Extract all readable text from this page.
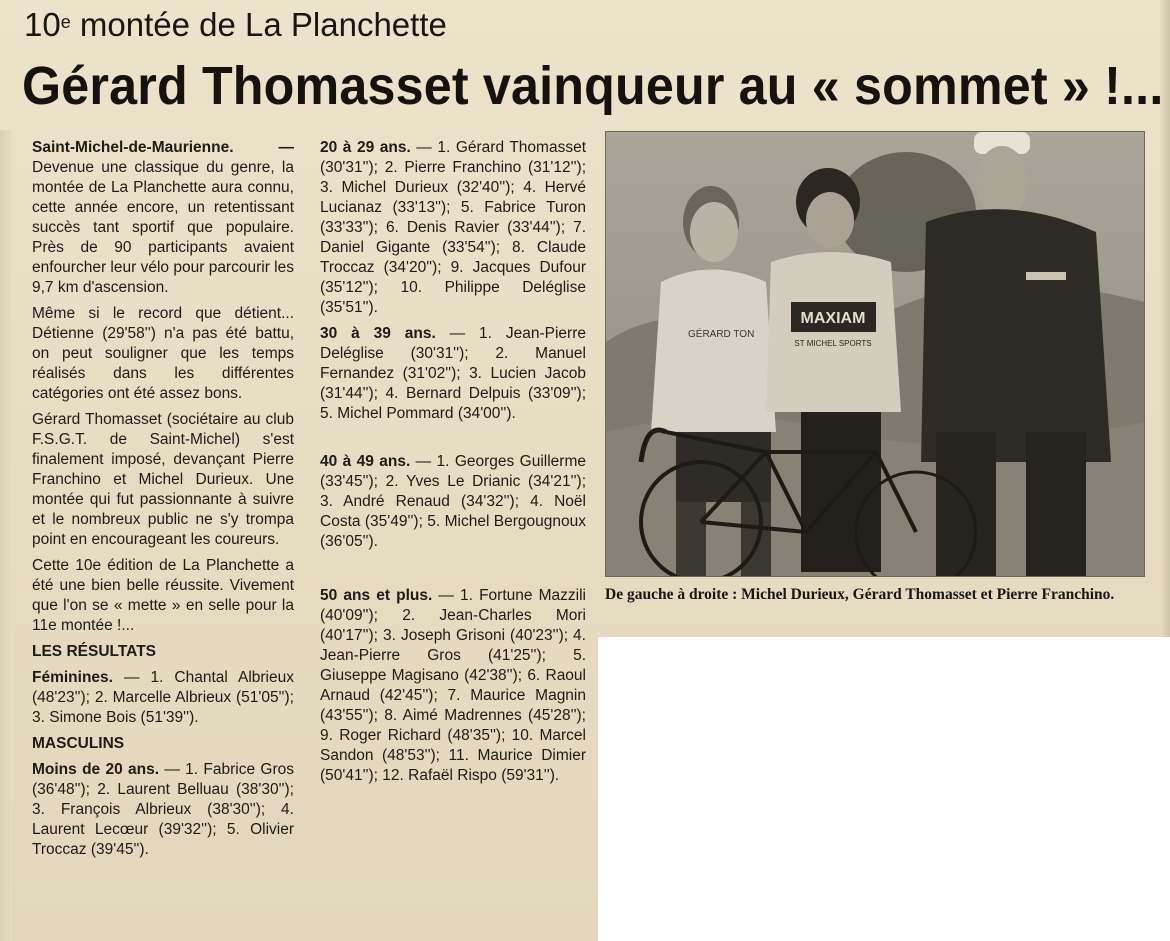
10e montée de La Planchette
Gérard Thomasset vainqueur au « sommet » !...

Saint-Michel-de-Maurienne. — Devenue une classique du genre, la montée de La Planchette aura connu, cette année encore, un retentissant succès tant sportif que populaire. Près de 90 participants avaient enfourcher leur vélo pour parcourir les 9,7 km d'ascension.

Même si le record que détient... Détienne (29'58'') n'a pas été battu, on peut souligner que les temps réalisés dans les différentes catégories ont été assez bons.

Gérard Thomasset (sociétaire au club F.S.G.T. de Saint-Michel) s'est finalement imposé, devançant Pierre Franchino et Michel Durieux. Une montée qui fut passionnante à suivre et le nombreux public ne s'y trompa point en encourageant les coureurs.

Cette 10e édition de La Planchette a été une bien belle réussite. Vivement que l'on se « mette » en selle pour la 11e montée !...

LES RÉSULTATS

Féminines. — 1. Chantal Albrieux (48'23''); 2. Marcelle Albrieux (51'05''); 3. Simone Bois (51'39'').

MASCULINS

Moins de 20 ans. — 1. Fabrice Gros (36'48''); 2. Laurent Belluau (38'30''); 3. François Albrieux (38'30''); 4. Laurent Lecœur (39'32''); 5. Olivier Troccaz (39'45'').

20 à 29 ans. — 1. Gérard Thomasset (30'31''); 2. Pierre Franchino (31'12''); 3. Michel Durieux (32'40''); 4. Hervé Lucianaz (33'13''); 5. Fabrice Turon (33'33''); 6. Denis Ravier (33'44''); 7. Daniel Gigante (33'54''); 8. Claude Troccaz (34'20''); 9. Jacques Dufour (35'12''); 10. Philippe Deléglise (35'51'').

30 à 39 ans. — 1. Jean-Pierre Deléglise (30'31''); 2. Manuel Fernandez (31'02''); 3. Lucien Jacob (31'44''); 4. Bernard Delpuis (33'09''); 5. Michel Pommard (34'00'').

40 à 49 ans. — 1. Georges Guillerme (33'45''); 2. Yves Le Drianic (34'21''); 3. André Renaud (34'32''); 4. Noël Costa (35'49''); 5. Michel Bergougnoux (36'05'').

50 ans et plus. — 1. Fortune Mazzili (40'09''); 2. Jean-Charles Mori (40'17''); 3. Joseph Grisoni (40'23''); 4. Jean-Pierre Gros (41'25''); 5. Giuseppe Magisano (42'38''); 6. Raoul Arnaud (42'45''); 7. Maurice Magnin (43'55''); 8. Aimé Madrennes (45'28''); 9. Roger Richard (48'35''); 10. Marcel Sandon (48'53''); 11. Maurice Dimier (50'41''); 12. Rafaël Rispo (59'31'').

GÉRARD TON
MAXIAM
ST MICHEL SPORTS
De gauche à droite : Michel Durieux, Gérard Thomasset et Pierre Franchino.
